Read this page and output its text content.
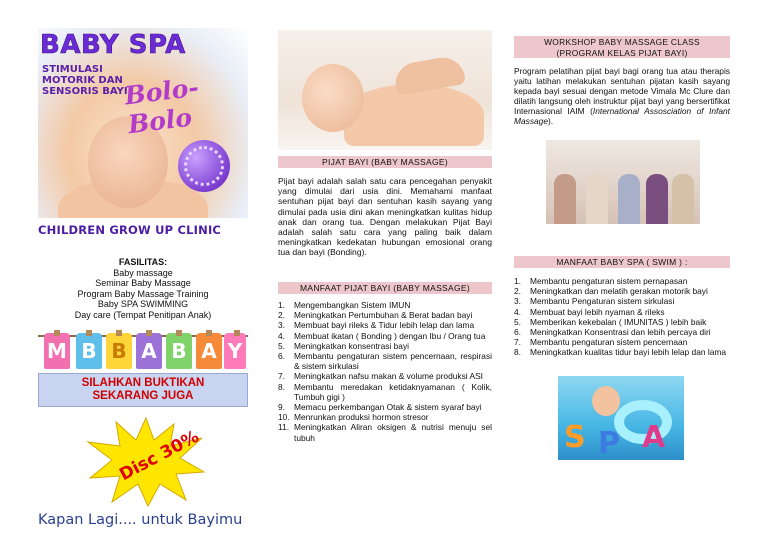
BABY SPA
STIMULASI
MOTORIK DAN
SENSORIS BAYI
Bolo-Bolo
CHILDREN GROW UP CLINIC
FASILITAS:
Baby massage
Seminar Baby Massage
Program Baby Massage Training
Baby SPA SWIMMING
Day care (Tempat Penitipan Anak)
M B B A B A Y
SILAHKAN BUKTIKAN
SEKARANG JUGA
Disc 30%
Kapan Lagi.... untuk Bayimu
PIJAT BAYI (BABY MASSAGE)
Pijat bayi adalah salah satu cara pencegahan penyakit yang dimulai dari usia dini. Memahami manfaat sentuhan pijat bayi dan sentuhan kasih sayang yang dimulai pada usia dini akan meningkatkan kulitas hidup anak dan orang tua. Dengan melakukan Pijat Bayi adalah salah satu cara yang paling baik dalam meningkatkan kedekatan hubungan emosional orang tua dan bayi (Bonding).
MANFAAT PIJAT BAYI (BABY MASSAGE)
1. Mengembangkan Sistem IMUN
2. Meningkatkan Pertumbuhan & Berat badan bayi
3. Membuat bayi rileks & Tidur lebih lelap dan lama
4. Membuat ikatan ( Bonding ) dengan Ibu / Orang tua
5. Meningkatkan konsentrasi bayi
6. Membantu pengaturan sistem pencernaan, respirasi & sistem sirkulasi
7. Meningkatkan nafsu makan & volume produksi ASI
8. Membantu meredakan ketidaknyamanan ( Kolik, Tumbuh gigi )
9. Memacu perkembangan Otak & sistem syaraf bayi
10. Menrunkan produksi hormon stresor
11. Meningkatkan Aliran oksigen & nutrisi menuju sel tubuh
WORKSHOP BABY MASSAGE CLASS
(PROGRAM KELAS PIJAT BAYI)
Program pelatihan pijat bayi bagi orang tua atau therapis yaitu latihan melakukan sentuhan pijatan kasih sayang kepada bayi sesuai dengan metode Vimala Mc Clure dan dilatih langsung oleh instruktur pijat bayi yang bersertifikat Internasional IAIM (International Assosciation of Infant Massage).
MANFAAT BABY SPA ( SWIM ) :
1. Membantu pengaturan sistem pernapasan
2. Meningkatkan dan melatih gerakan motorik bayi
3. Membantu Pengaturan sistem sirkulasi
4. Membuat bayi lebih nyaman & rileks
5. Memberikan kekebalan ( IMUNITAS ) lebih baik
6. Meningkatkan Konsentrasi dan lebih percaya diri
7. Membantu pengaturan sistem pencernaan
8. Meningkatkan kualitas tidur bayi lebih lelap dan lama
S P A
